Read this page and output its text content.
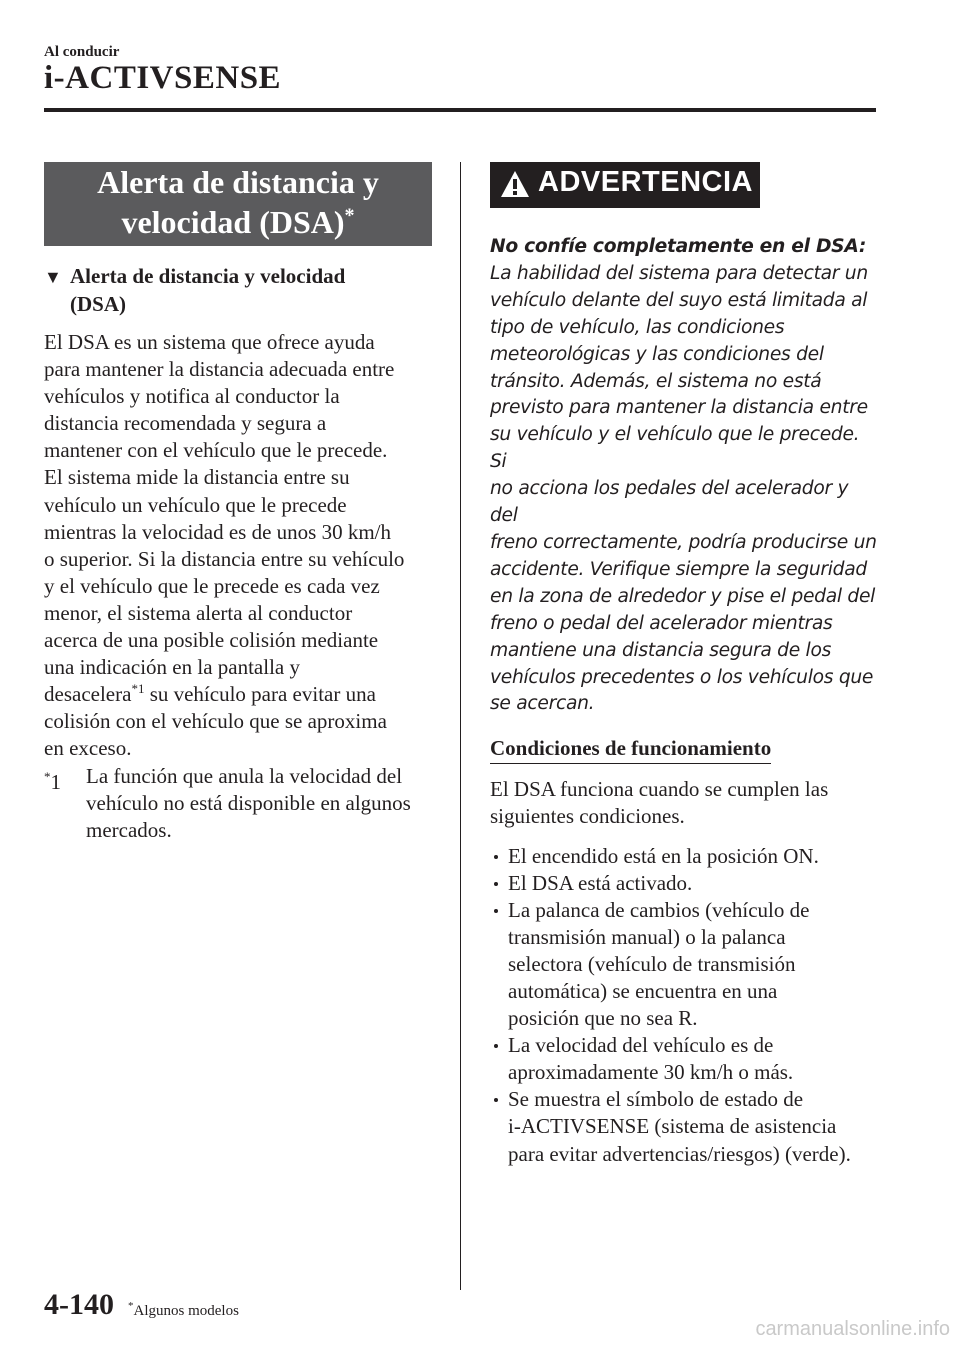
Al conducir
i-ACTIVSENSE
Alerta de distancia y
velocidad (DSA)*
▼ Alerta de distancia y velocidad
(DSA)
El DSA es un sistema que ofrece ayuda
para mantener la distancia adecuada entre
vehículos y notifica al conductor la
distancia recomendada y segura a
mantener con el vehículo que le precede.
El sistema mide la distancia entre su
vehículo un vehículo que le precede
mientras la velocidad es de unos 30 km/h
o superior. Si la distancia entre su vehículo
y el vehículo que le precede es cada vez
menor, el sistema alerta al conductor
acerca de una posible colisión mediante
una indicación en la pantalla y
desacelera$^{*1}$ su vehículo para evitar una
colisión con el vehículo que se aproxima
en exceso.
*1 La función que anula la velocidad del
vehículo no está disponible en algunos
mercados.
ADVERTENCIA
No confíe completamente en el DSA:
La habilidad del sistema para detectar un
vehículo delante del suyo está limitada al
tipo de vehículo, las condiciones
meteorológicas y las condiciones del
tránsito. Además, el sistema no está
previsto para mantener la distancia entre
su vehículo y el vehículo que le precede. Si
no acciona los pedales del acelerador y del
freno correctamente, podría producirse un
accidente. Verifique siempre la seguridad
en la zona de alrededor y pise el pedal del
freno o pedal del acelerador mientras
mantiene una distancia segura de los
vehículos precedentes o los vehículos que
se acercan.
Condiciones de funcionamiento
El DSA funciona cuando se cumplen las
siguientes condiciones.
El encendido está en la posición ON.
El DSA está activado.
La palanca de cambios (vehículo de
transmisión manual) o la palanca
selectora (vehículo de transmisión
automática) se encuentra en una
posición que no sea R.
La velocidad del vehículo es de
aproximadamente 30 km/h o más.
Se muestra el símbolo de estado de
i-ACTIVSENSE (sistema de asistencia
para evitar advertencias/riesgos) (verde).
4-140 *Algunos modelos
carmanualsonline.info
